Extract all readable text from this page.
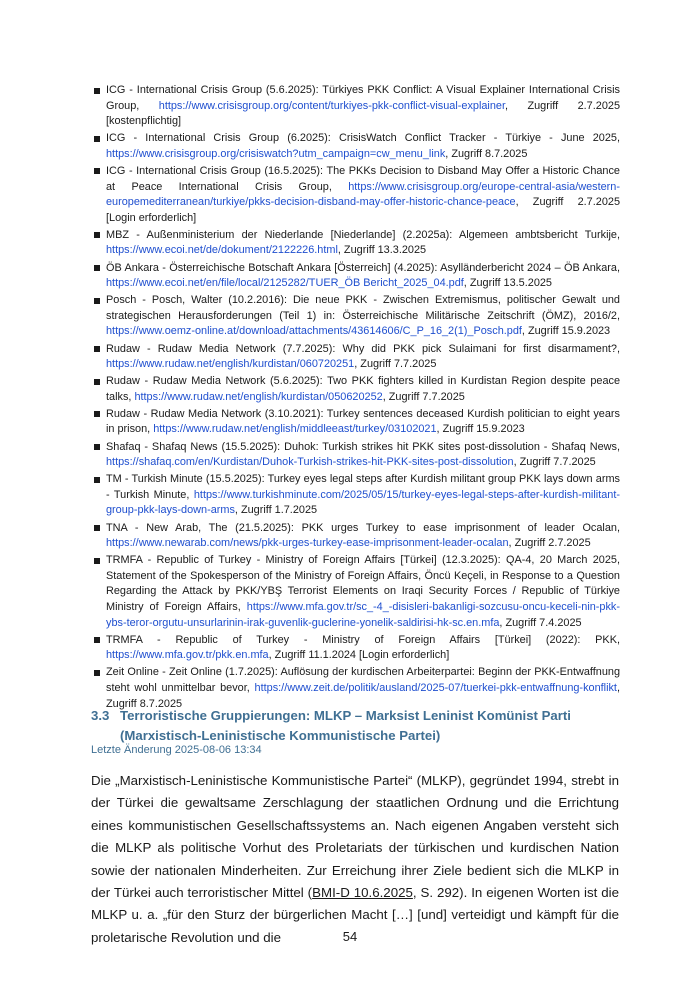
ICG - International Crisis Group (5.6.2025): Türkiyes PKK Conflict: A Visual Explainer International Crisis Group, https://www.crisisgroup.org/content/turkiyes-pkk-conflict-visual-explainer, Zugriff 2.7.2025 [kostenpflichtig]
ICG - International Crisis Group (6.2025): CrisisWatch Conflict Tracker - Türkiye - June 2025, https://www.crisisgroup.org/crisiswatch?utm_campaign=cw_menu_link, Zugriff 8.7.2025
ICG - International Crisis Group (16.5.2025): The PKKs Decision to Disband May Offer a Historic Chance at Peace International Crisis Group, https://www.crisisgroup.org/europe-central-asia/western-europemediterranean/turkiye/pkks-decision-disband-may-offer-historic-chance-peace, Zugriff 2.7.2025 [Login erforderlich]
MBZ - Außenministerium der Niederlande [Niederlande] (2.2025a): Algemeen ambtsbericht Turkije, https://www.ecoi.net/de/dokument/2122226.html, Zugriff 13.3.2025
ÖB Ankara - Österreichische Botschaft Ankara [Österreich] (4.2025): Asylländerbericht 2024 – ÖB Ankara, https://www.ecoi.net/en/file/local/2125282/TUER_ÖB Bericht_2025_04.pdf, Zugriff 13.5.2025
Posch - Posch, Walter (10.2.2016): Die neue PKK - Zwischen Extremismus, politischer Gewalt und strategischen Herausforderungen (Teil 1) in: Österreichische Militärische Zeitschrift (ÖMZ), 2016/2, https://www.oemz-online.at/download/attachments/43614606/C_P_16_2(1)_Posch.pdf, Zugriff 15.9.2023
Rudaw - Rudaw Media Network (7.7.2025): Why did PKK pick Sulaimani for first disarmament?, https://www.rudaw.net/english/kurdistan/060720251, Zugriff 7.7.2025
Rudaw - Rudaw Media Network (5.6.2025): Two PKK fighters killed in Kurdistan Region despite peace talks, https://www.rudaw.net/english/kurdistan/050620252, Zugriff 7.7.2025
Rudaw - Rudaw Media Network (3.10.2021): Turkey sentences deceased Kurdish politician to eight years in prison, https://www.rudaw.net/english/middleeast/turkey/03102021, Zugriff 15.9.2023
Shafaq - Shafaq News (15.5.2025): Duhok: Turkish strikes hit PKK sites post-dissolution - Shafaq News, https://shafaq.com/en/Kurdistan/Duhok-Turkish-strikes-hit-PKK-sites-post-dissolution, Zugriff 7.7.2025
TM - Turkish Minute (15.5.2025): Turkey eyes legal steps after Kurdish militant group PKK lays down arms - Turkish Minute, https://www.turkishminute.com/2025/05/15/turkey-eyes-legal-steps-after-kurdish-militant-group-pkk-lays-down-arms, Zugriff 1.7.2025
TNA - New Arab, The (21.5.2025): PKK urges Turkey to ease imprisonment of leader Ocalan, https://www.newarab.com/news/pkk-urges-turkey-ease-imprisonment-leader-ocalan, Zugriff 2.7.2025
TRMFA - Republic of Turkey - Ministry of Foreign Affairs [Türkei] (12.3.2025): QA-4, 20 March 2025, Statement of the Spokesperson of the Ministry of Foreign Affairs, Öncü Keçeli, in Response to a Question Regarding the Attack by PKK/YBŞ Terrorist Elements on Iraqi Security Forces / Republic of Türkiye Ministry of Foreign Affairs, https://www.mfa.gov.tr/sc_-4_-disisleri-bakanligi-sozcusu-oncu-keceli-nin-pkk-ybs-teror-orgutu-unsurlarinin-irak-guvenlik-guclerine-yonelik-saldirisi-hk-sc.en.mfa, Zugriff 7.4.2025
TRMFA - Republic of Turkey - Ministry of Foreign Affairs [Türkei] (2022): PKK, https://www.mfa.gov.tr/pkk.en.mfa, Zugriff 11.1.2024 [Login erforderlich]
Zeit Online - Zeit Online (1.7.2025): Auflösung der kurdischen Arbeiterpartei: Beginn der PKK-Entwaffnung steht wohl unmittelbar bevor, https://www.zeit.de/politik/ausland/2025-07/tuerkei-pkk-entwaffnung-konflikt, Zugriff 8.7.2025
3.3 Terroristische Gruppierungen: MLKP – Marksist Leninist Komünist Parti (Marxistisch-Leninistische Kommunistische Partei)
Letzte Änderung 2025-08-06 13:34

Die „Marxistisch-Leninistische Kommunistische Partei“ (MLKP), gegründet 1994, strebt in der Türkei die gewaltsame Zerschlagung der staatlichen Ordnung und die Errichtung eines kommunistischen Gesellschaftssystems an. Nach eigenen Angaben versteht sich die MLKP als politische Vorhut des Proletariats der türkischen und kurdischen Nation sowie der nationalen Minderheiten. Zur Erreichung ihrer Ziele bedient sich die MLKP in der Türkei auch terroristischer Mittel (BMI-D 10.6.2025, S. 292). In eigenen Worten ist die MLKP u. a. „für den Sturz der bürgerlichen Macht […] [und] verteidigt und kämpft für die proletarische Revolution und die	54
